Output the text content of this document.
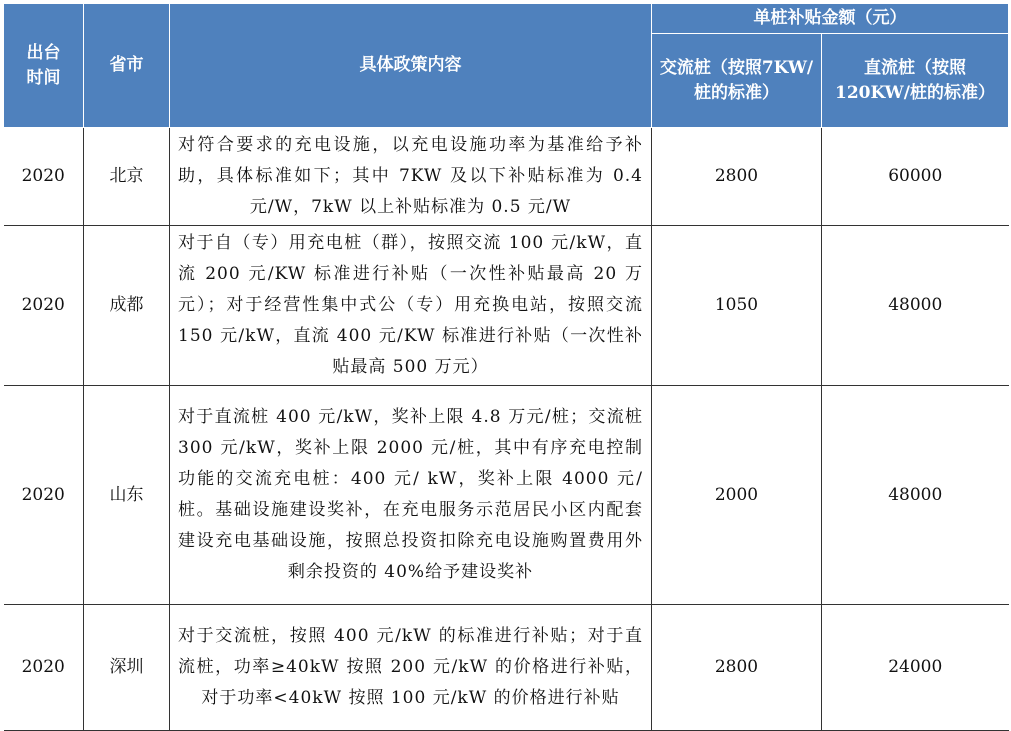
出台
时间	省市	具体政策内容	单桩补贴金额（元）	
			交流桩（按照7KW/桩的标准）	直流桩（按照120KW/桩的标准）
2020	北京	对符合要求的充电设施，以充电设施功率为基准给予补助，具体标准如下；其中 7KW 及以下补贴标准为 0.4 元/W，7kW 以上补贴标准为 0.5 元/W	2800	60000
2020	成都	对于自（专）用充电桩（群），按照交流 100 元/kW，直流 200 元/KW 标准进行补贴（一次性补贴最高 20 万元）；对于经营性集中式公（专）用充换电站，按照交流 150 元/kW，直流 400 元/KW 标准进行补贴（一次性补贴最高 500 万元）	1050	48000
2020	山东	对于直流桩 400 元/kW，奖补上限 4.8 万元/桩；交流桩 300 元/kW，奖补上限 2000 元/桩，其中有序充电控制功能的交流充电桩：400 元/ kW，奖补上限 4000 元/桩。基础设施建设奖补，在充电服务示范居民小区内配套建设充电基础设施，按照总投资扣除充电设施购置费用外剩余投资的 40%给予建设奖补	2000	48000
2020	深圳	对于交流桩，按照 400 元/kW 的标准进行补贴；对于直流桩，功率≥40kW 按照 200 元/kW 的价格进行补贴，对于功率<40kW 按照 100 元/kW 的价格进行补贴	2800	24000
